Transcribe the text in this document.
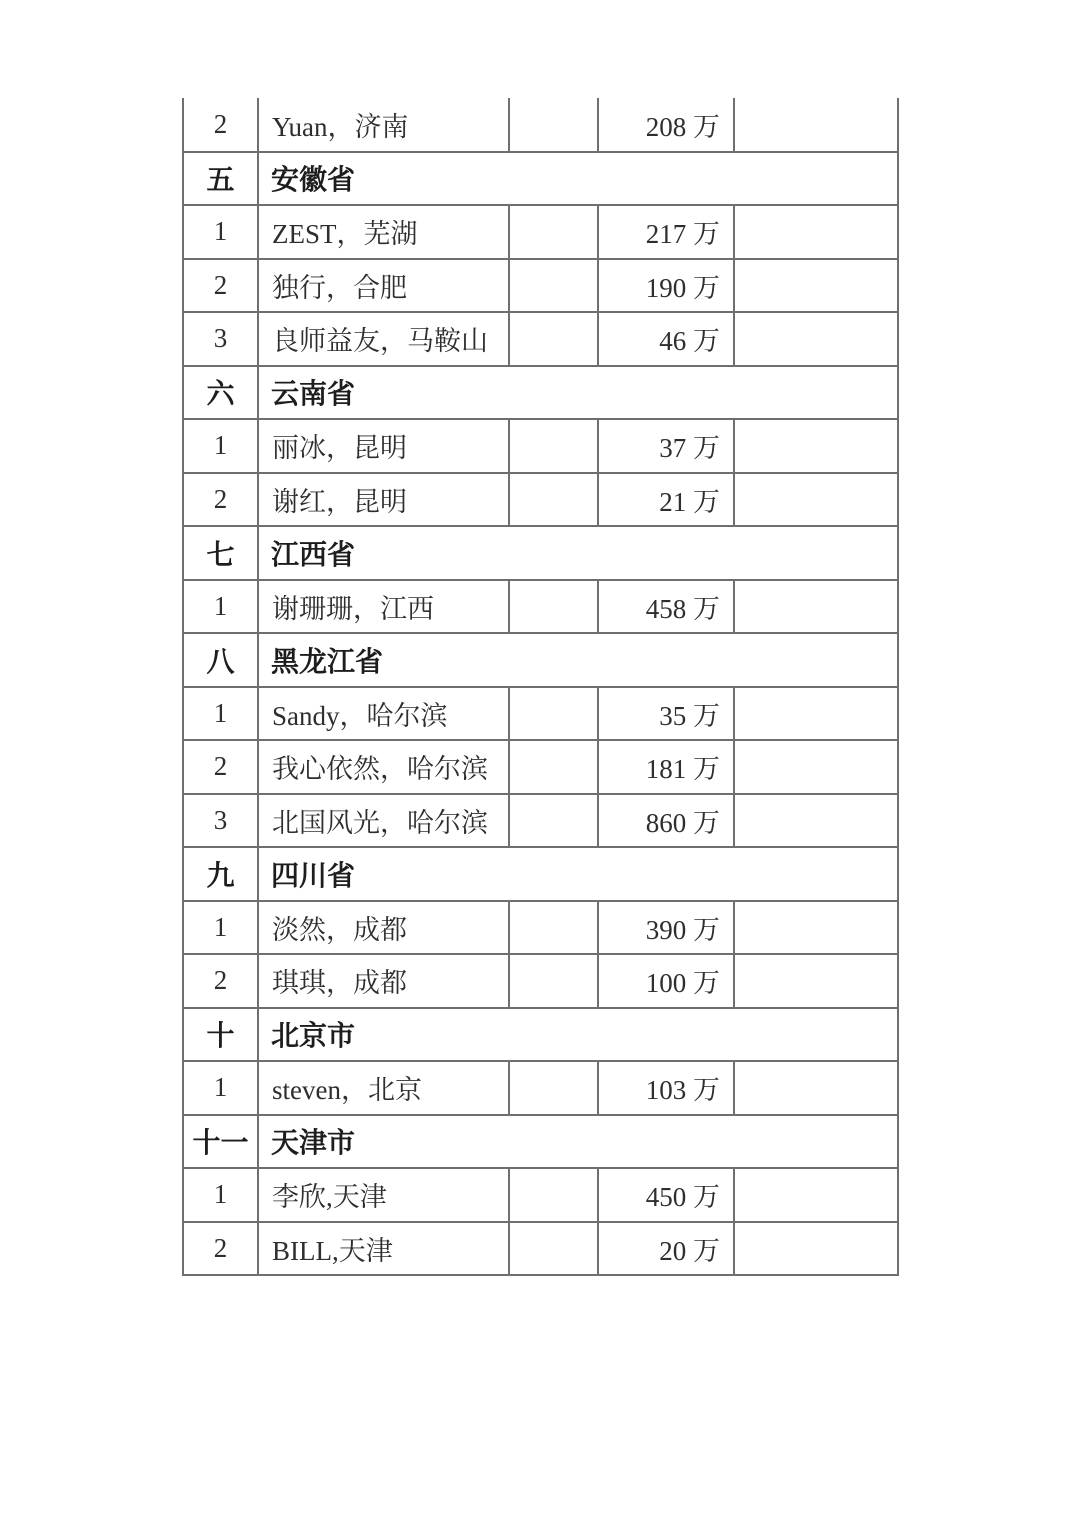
2	Yuan，济南		208 万	
五	安徽省			
1	ZEST，芜湖		217 万	
2	独行，合肥		190 万	
3	良师益友，马鞍山		46 万	
六	云南省			
1	丽冰，昆明		37 万	
2	谢红，昆明		21 万	
七	江西省			
1	谢珊珊，江西		458 万	
八	黑龙江省			
1	Sandy，哈尔滨		35 万	
2	我心依然，哈尔滨		181 万	
3	北国风光，哈尔滨		860 万	
九	四川省			
1	淡然，成都		390 万	
2	琪琪，成都		100 万	
十	北京市			
1	steven，北京		103 万	
十一	天津市			
1	李欣,天津		450 万	
2	BILL,天津		20 万	
